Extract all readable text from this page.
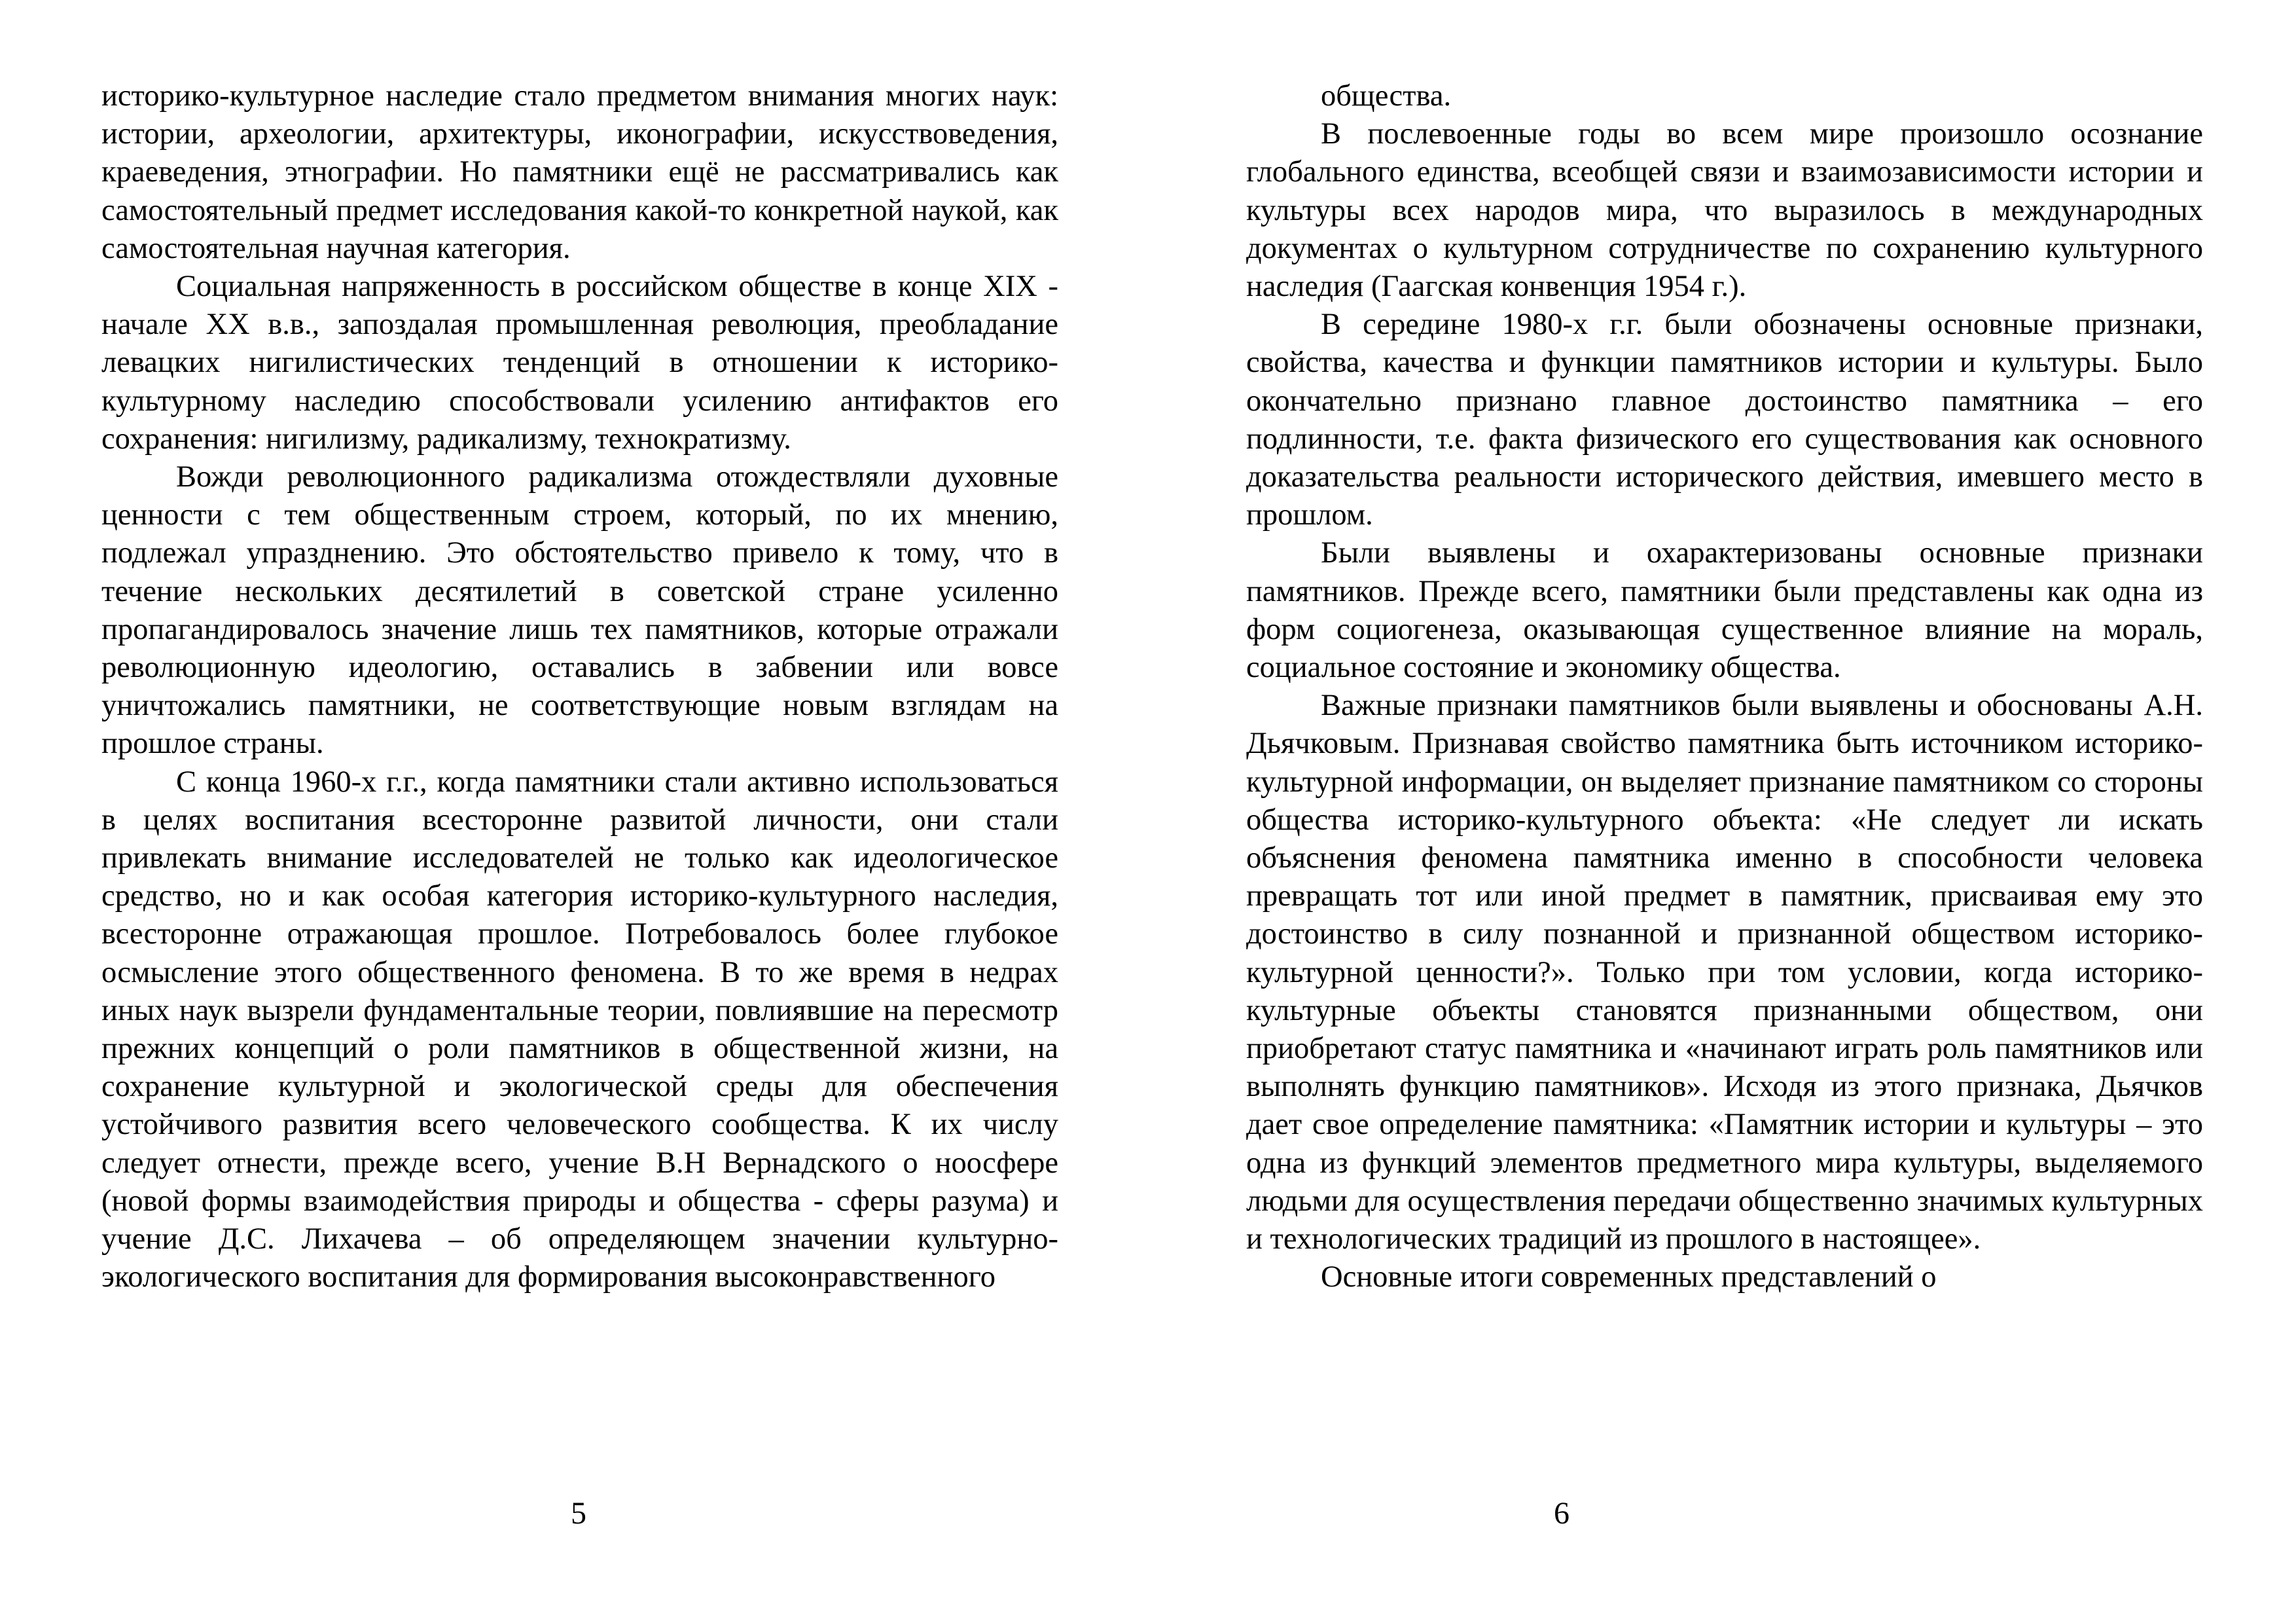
историко-культурное наследие стало предметом внимания многих наук: истории, археологии, архитектуры, иконографии, искусствоведения, краеведения, этнографии. Но памятники ещё не рассматривались как самостоятельный предмет исследования какой-то конкретной наукой, как самостоятельная научная категория.

Социальная напряженность в российском обществе в конце XIX - начале XX в.в., запоздалая промышленная революция, преобладание левацких нигилистических тенденций в отношении к историко-культурному наследию способствовали усилению антифактов его сохранения: нигилизму, радикализму, технократизму.

Вожди революционного радикализма отождествляли духовные ценности с тем общественным строем, который, по их мнению, подлежал упразднению. Это обстоятельство привело к тому, что в течение нескольких десятилетий в советской стране усиленно пропагандировалось значение лишь тех памятников, которые отражали революционную идеологию, оставались в забвении или вовсе уничтожались памятники, не соответствующие новым взглядам на прошлое страны.

С конца 1960-х г.г., когда памятники стали активно использоваться в целях воспитания всесторонне развитой личности, они стали привлекать внимание исследователей не только как идеологическое средство, но и как особая категория историко-культурного наследия, всесторонне отражающая прошлое. Потребовалось более глубокое осмысление этого общественного феномена. В то же время в недрах иных наук вызрели фундаментальные теории, повлиявшие на пересмотр прежних концепций о роли памятников в общественной жизни, на сохранение культурной и экологической среды для обеспечения устойчивого развития всего человеческого сообщества. К их числу следует отнести, прежде всего, учение В.Н Вернадского о ноосфере (новой формы взаимодействия природы и общества - сферы разума) и учение Д.С. Лихачева – об определяющем значении культурно-экологического воспитания для формирования высоконравственного

5

общества.

В послевоенные годы во всем мире произошло осознание глобального единства, всеобщей связи и взаимозависимости истории и культуры всех народов мира, что выразилось в международных документах о культурном сотрудничестве по сохранению культурного наследия (Гаагская конвенция 1954 г.).

В середине 1980-х г.г. были обозначены основные признаки, свойства, качества и функции памятников истории и культуры. Было окончательно признано главное достоинство памятника – его подлинности, т.е. факта физического его существования как основного доказательства реальности исторического действия, имевшего место в прошлом.

Были выявлены и охарактеризованы основные признаки памятников. Прежде всего, памятники были представлены как одна из форм социогенеза, оказывающая существенное влияние на мораль, социальное состояние и экономику общества.

Важные признаки памятников были выявлены и обоснованы А.Н. Дьячковым. Признавая свойство памятника быть источником историко-культурной информации, он выделяет признание памятником со стороны общества историко-культурного объекта: «Не следует ли искать объяснения феномена памятника именно в способности человека превращать тот или иной предмет в памятник, присваивая ему это достоинство в силу познанной и признанной обществом историко-культурной ценности?». Только при том условии, когда историко-культурные объекты становятся признанными обществом, они приобретают статус памятника и «начинают играть роль памятников или выполнять функцию памятников». Исходя из этого признака, Дьячков дает свое определение памятника: «Памятник истории и культуры – это одна из функций элементов предметного мира культуры, выделяемого людьми для осуществления передачи общественно значимых культурных и технологических традиций из прошлого в настоящее».

Основные итоги современных представлений о

6
